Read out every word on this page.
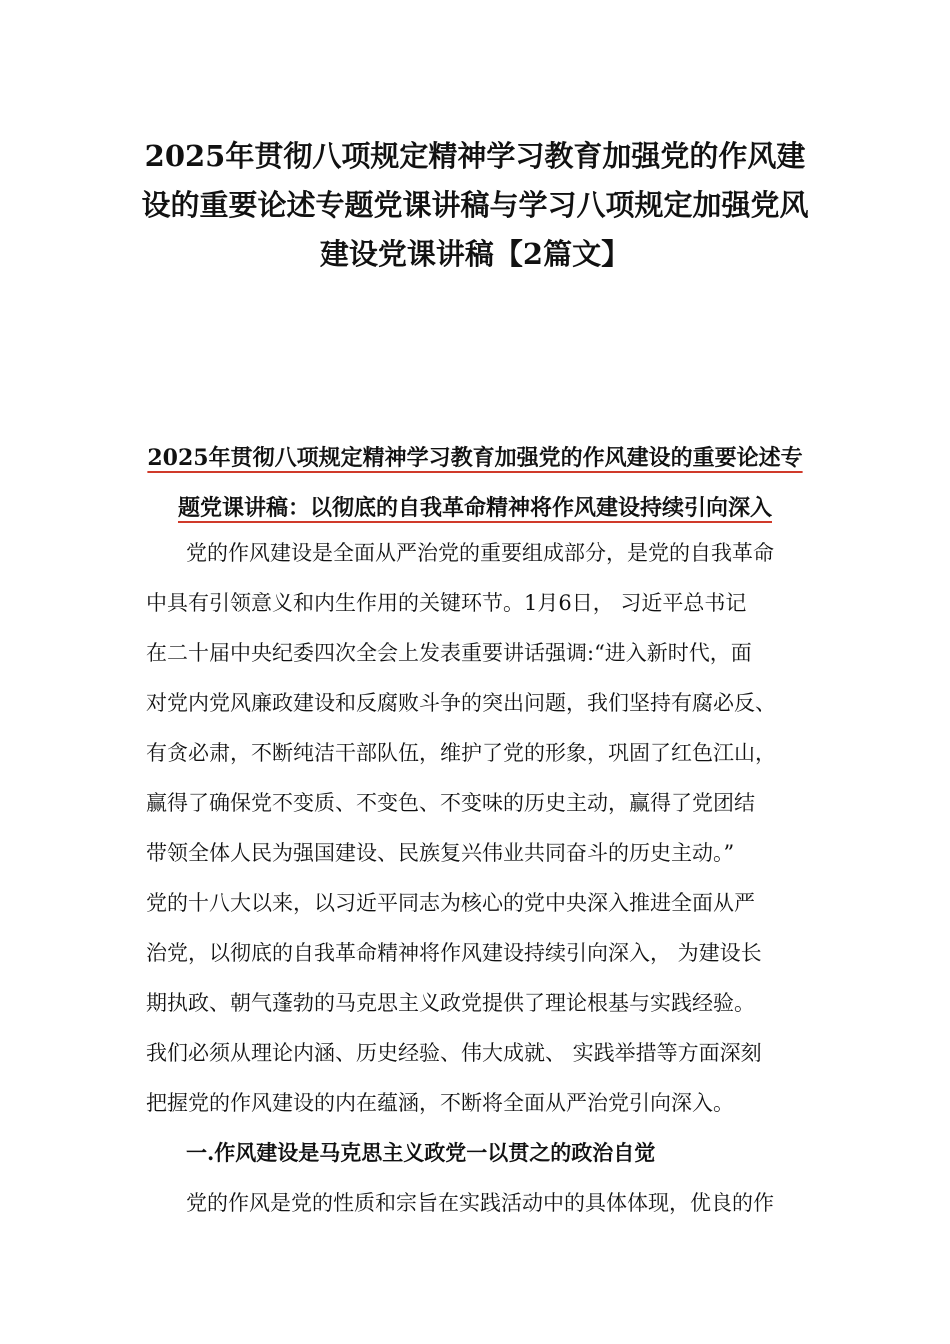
2025年贯彻八项规定精神学习教育加强党的作风建
设的重要论述专题党课讲稿与学习八项规定加强党风
建设党课讲稿【2篇文】
2025年贯彻八项规定精神学习教育加强党的作风建设的重要论述专
题党课讲稿：以彻底的自我革命精神将作风建设持续引向深入
党的作风建设是全面从严治党的重要组成部分，是党的自我革命
中具有引领意义和内生作用的关键环节。1月6日， 习近平总书记
在二十届中央纪委四次全会上发表重要讲话强调:“进入新时代，面
对党内党风廉政建设和反腐败斗争的突出问题，我们坚持有腐必反、
有贪必肃，不断纯洁干部队伍，维护了党的形象，巩固了红色江山，
赢得了确保党不变质、不变色、不变味的历史主动，赢得了党团结
带领全体人民为强国建设、民族复兴伟业共同奋斗的历史主动。”
党的十八大以来，以习近平同志为核心的党中央深入推进全面从严
治党，以彻底的自我革命精神将作风建设持续引向深入， 为建设长
期执政、朝气蓬勃的马克思主义政党提供了理论根基与实践经验。
我们必须从理论内涵、历史经验、伟大成就、 实践举措等方面深刻
把握党的作风建设的内在蕴涵，不断将全面从严治党引向深入。
一.作风建设是马克思主义政党一以贯之的政治自觉
党的作风是党的性质和宗旨在实践活动中的具体体现，优良的作
